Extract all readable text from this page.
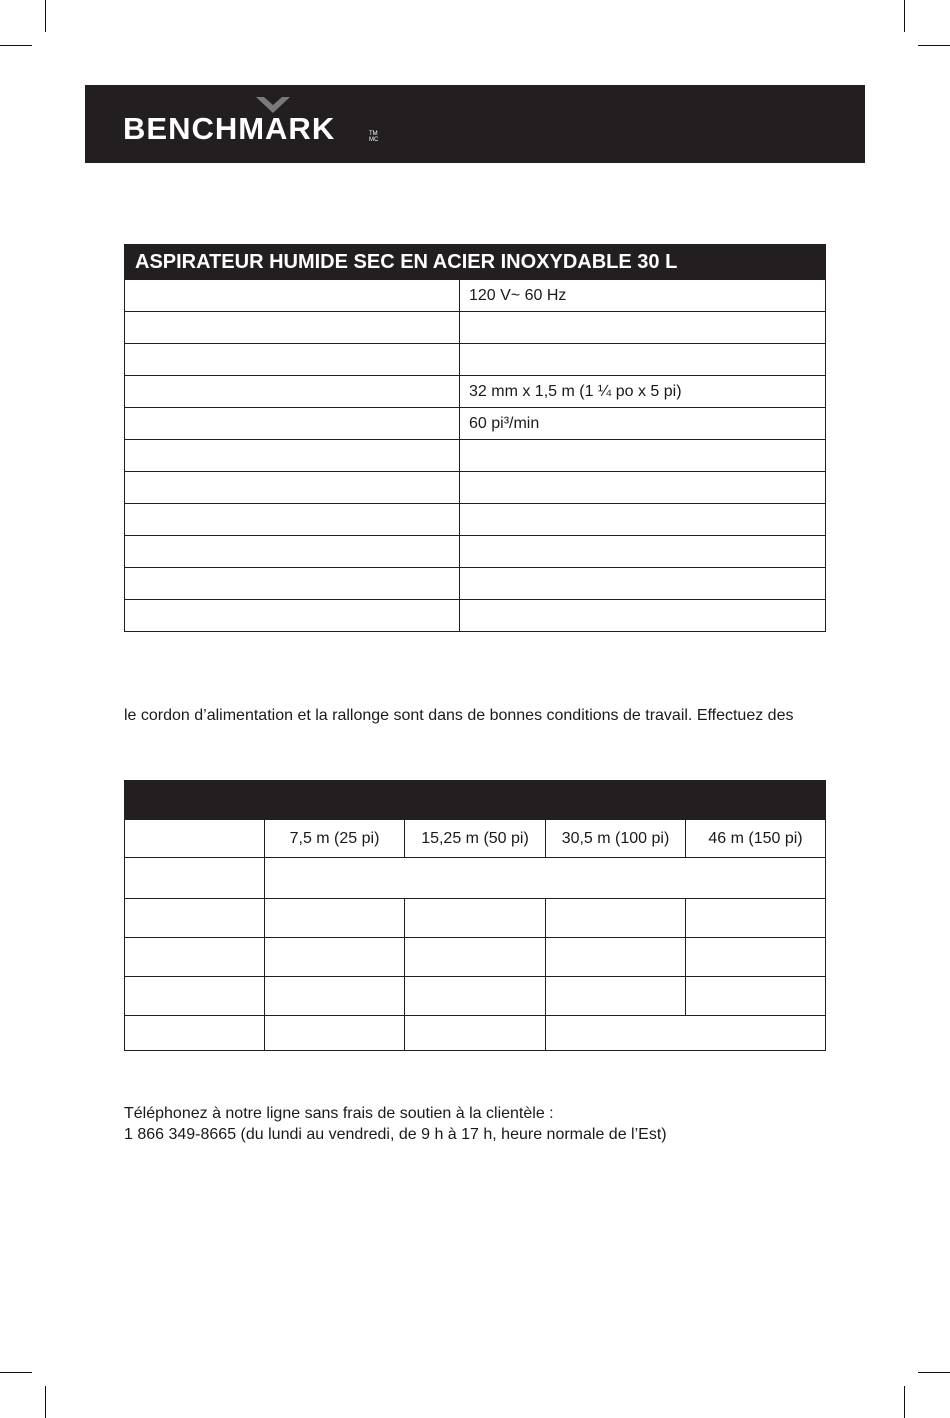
BENCHMARK	TM MC
ASPIRATEUR HUMIDE SEC EN ACIER INOXYDABLE 30 L	
	120 V~ 60 Hz

	32 mm x 1,5 m (1 ¼ po x 5 pi)
	60 pi³/min

le cordon d’alimentation et la rallonge sont dans de bonnes conditions de travail. Effectuez des

	7,5 m (25 pi)	15,25 m (50 pi)	30,5 m (100 pi)	46 m (150 pi)

Téléphonez à notre ligne sans frais de soutien à la clientèle :
1 866 349-8665 (du lundi au vendredi, de 9 h à 17 h, heure normale de l’Est)
